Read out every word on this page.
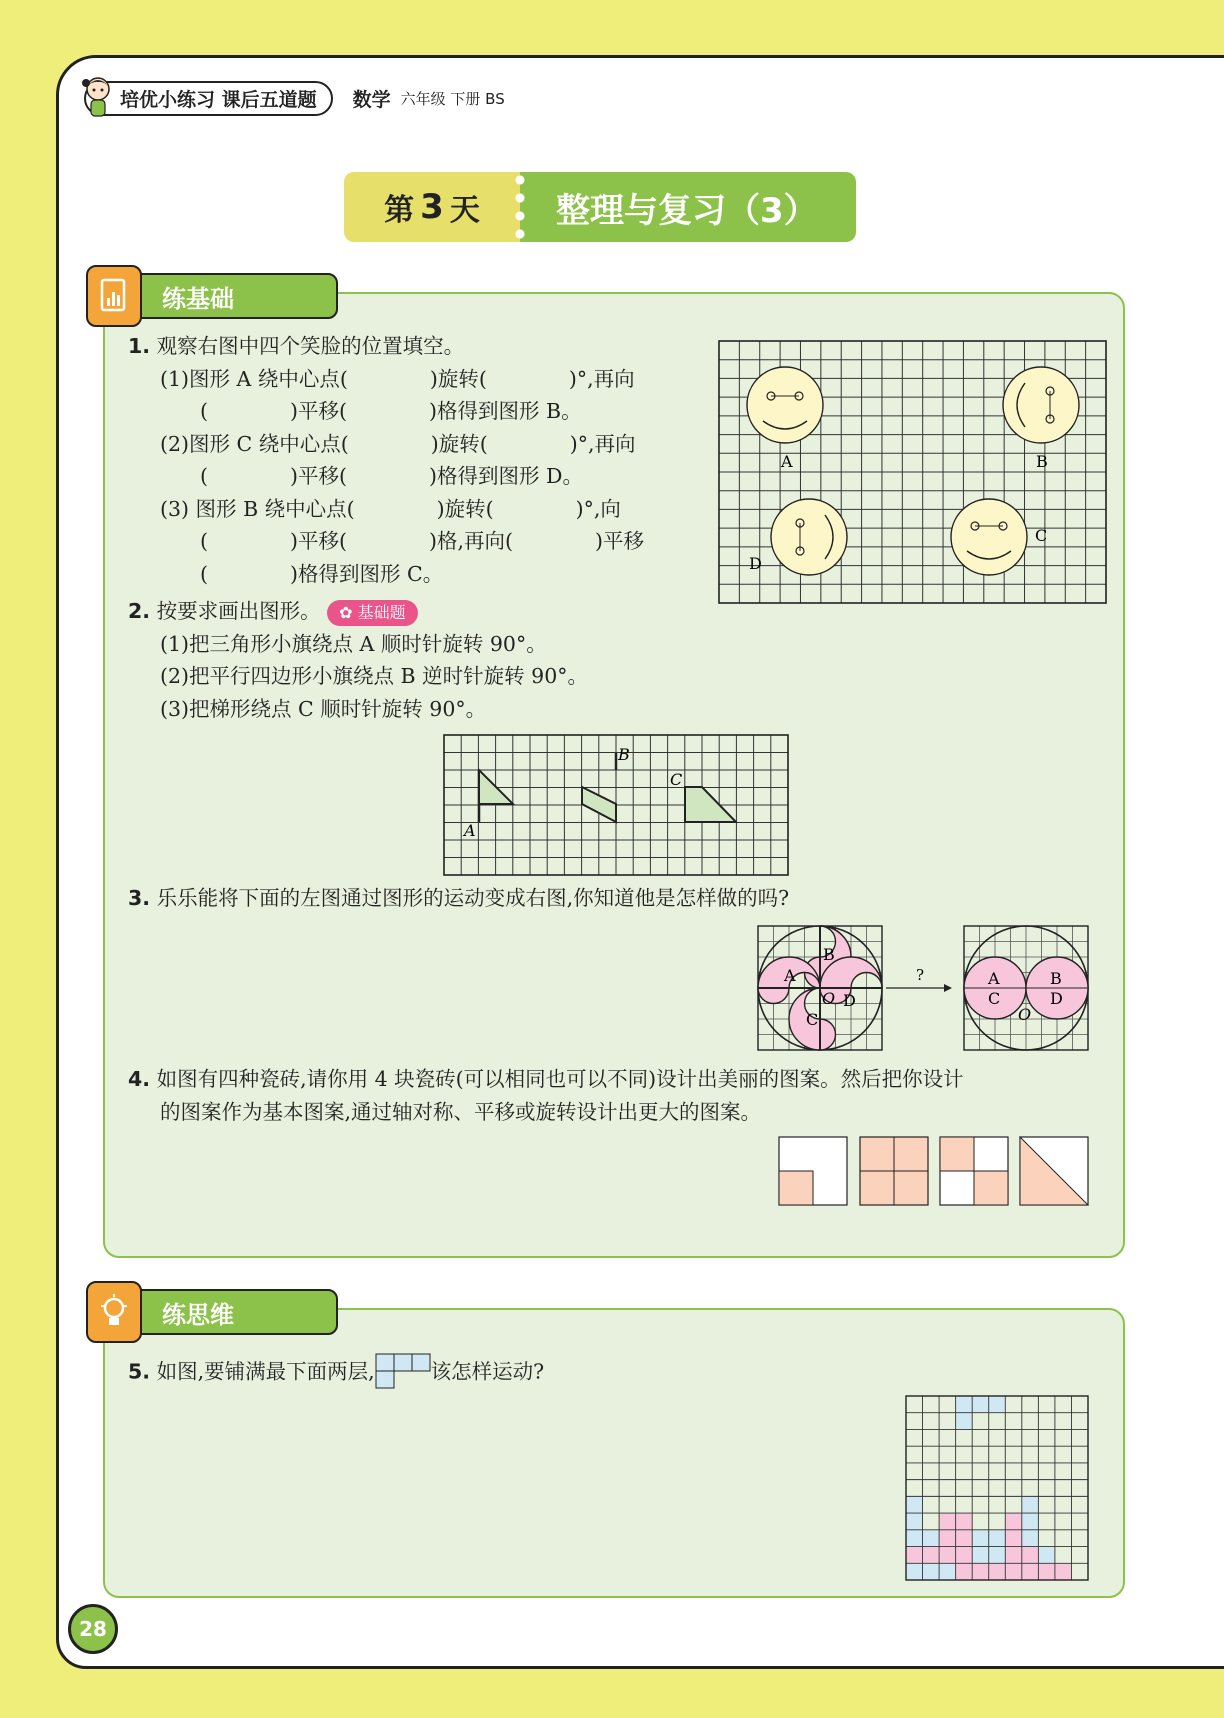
培优小练习 课后五道题 数学 六年级 下册 BS
第 3 天	整理与复习（3）
练基础
1. 观察右图中四个笑脸的位置填空。
(1)图形 A 绕中心点(　　　　)旋转(　　　　)°,再向
(　　　　)平移(　　　　)格得到图形 B。
(2)图形 C 绕中心点(　　　　)旋转(　　　　)°,再向
(　　　　)平移(　　　　)格得到图形 D。
(3) 图形 B 绕中心点(　　　　)旋转(　　　　)°,向
(　　　　)平移(　　　　)格,再向(　　　　)平移
(　　　　)格得到图形 C。
A	B
D
C
2. 按要求画出图形。 ✿ 基础题
(1)把三角形小旗绕点 A 顺时针旋转 90°。
(2)把平行四边形小旗绕点 B 逆时针旋转 90°。
(3)把梯形绕点 C 顺时针旋转 90°。
A
B
C
3. 乐乐能将下面的左图通过图形的运动变成右图,你知道他是怎样做的吗?
A
B
C
D
O
?	A
C
B
D
O
4. 如图有四种瓷砖,请你用 4 块瓷砖(可以相同也可以不同)设计出美丽的图案。然后把你设计
的图案作为基本图案,通过轴对称、平移或旋转设计出更大的图案。
练思维
5. 如图,要铺满最下面两层,	该怎样运动?
28
